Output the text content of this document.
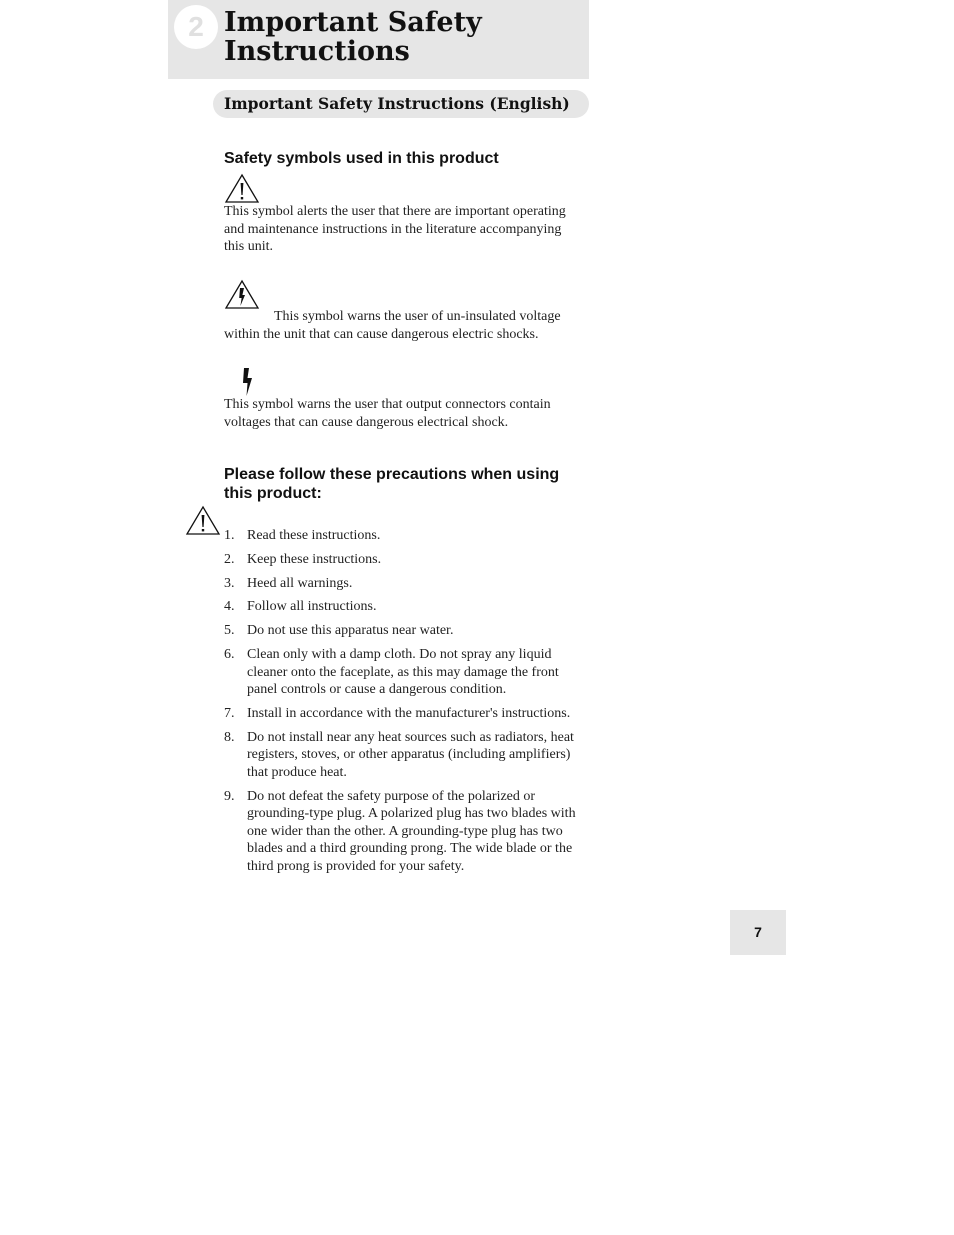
2 Important Safety Instructions
Important Safety Instructions (English)
Safety symbols used in this product

This symbol alerts the user that there are important operating and maintenance instructions in the literature accompanying this unit.

This symbol warns the user of un-insulated voltage within the unit that can cause dangerous electric shocks.

This symbol warns the user that output connectors contain voltages that can cause dangerous electrical shock.

Please follow these precautions when using this product:
1. Read these instructions.
2. Keep these instructions.
3. Heed all warnings.
4. Follow all instructions.
5. Do not use this apparatus near water.
6. Clean only with a damp cloth. Do not spray any liquid cleaner onto the faceplate, as this may damage the front panel controls or cause a dangerous condition.
7. Install in accordance with the manufacturer's instructions.
8. Do not install near any heat sources such as radiators, heat registers, stoves, or other apparatus (including amplifiers) that produce heat.
9. Do not defeat the safety purpose of the polarized or grounding-type plug. A polarized plug has two blades with one wider than the other. A grounding-type plug has two blades and a third grounding prong. The wide blade or the third prong is provided for your safety.
7
